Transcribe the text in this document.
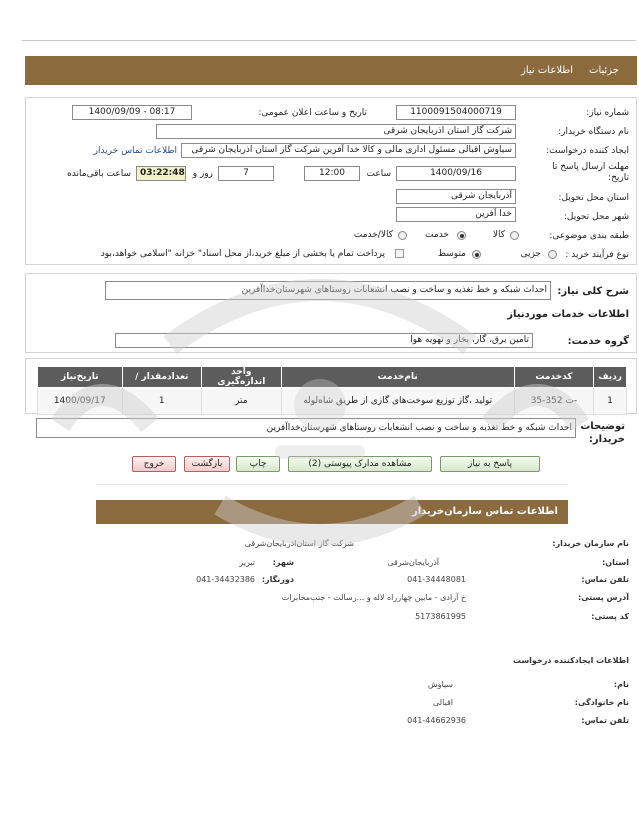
جزئیات
اطلاعات نیاز
شماره نیاز:
1100091504000719
تاریخ و ساعت اعلان عمومی:
1400/09/09 - 08:17
نام دستگاه خریدار:
شرکت گاز استان اذربایجان شرقی
ایجاد کننده درخواست:
سیاوش اقبالی مسئول اداری مالی و کالا خدا آفرین شرکت گاز استان اذربایجان شرقی
اطلاعات تماس خریدار
مهلت ارسال پاسخ تا تاریخ:
1400/09/16
ساعت
12:00
7
روز و
03:22:48
ساعت باقی‌مانده
استان محل تحویل:
آذربایجان شرقی
شهر محل تحویل:
خدا آفرین
طبقه بندی موضوعی:
کالا
خدمت
کالا/خدمت
نوع فرآیند خرید :
جزیی
متوسط
پرداخت تمام یا بخشی از مبلغ خرید،از محل اسناد" خزانه "اسلامی خواهد،بود
شرح کلی نیاز:
احداث شبکه و خط تغذیه و ساخت و نصب انشعابات روستاهای شهرستان‌خداآفرین
اطلاعات خدمات مورد‌نیاز
گروه خدمت:
تامین برق، گاز، بخار و تهویه هوا
ردیف	کدخدمت	نام‌خدمت	واحد اندازه‌گیری	تعداد‌مقدار /	تاریخ‌نیاز
1	ت 352-35-	تولید ،گاز توزیع سوخت‌های گازی از طریق شاه‌لوله	متر	1	1400/09/17
توضیحات خریدار:
احداث شبکه و خط تغذیه و ساخت و نصب انشعابات روستاهای شهرستان‌خداآفرین
پاسخ به نیاز
مشاهده مدارک پیوستی (2)
چاپ
بازگشت
خروج
اطلاعات تماس سازمان‌خریدار
نام سازمان خریدار:
شرکت گاز استان‌اذربایجان‌شرقی
استان:
آذربایجان‌شرقی
شهر:
تبریز
تلفن تماس:
041-34448081
دورنگار:
041-34432386
آدرس پستی:
خ آزادی - مابین چهارراه لاله و ...رسالت - جنب‌مخابرات
کد پستی:
5173861995
اطلاعات ایجادکننده درخواست
نام:
سیاوش
نام خانوادگی:
اقبالی
تلفن تماس:
041-44662936
